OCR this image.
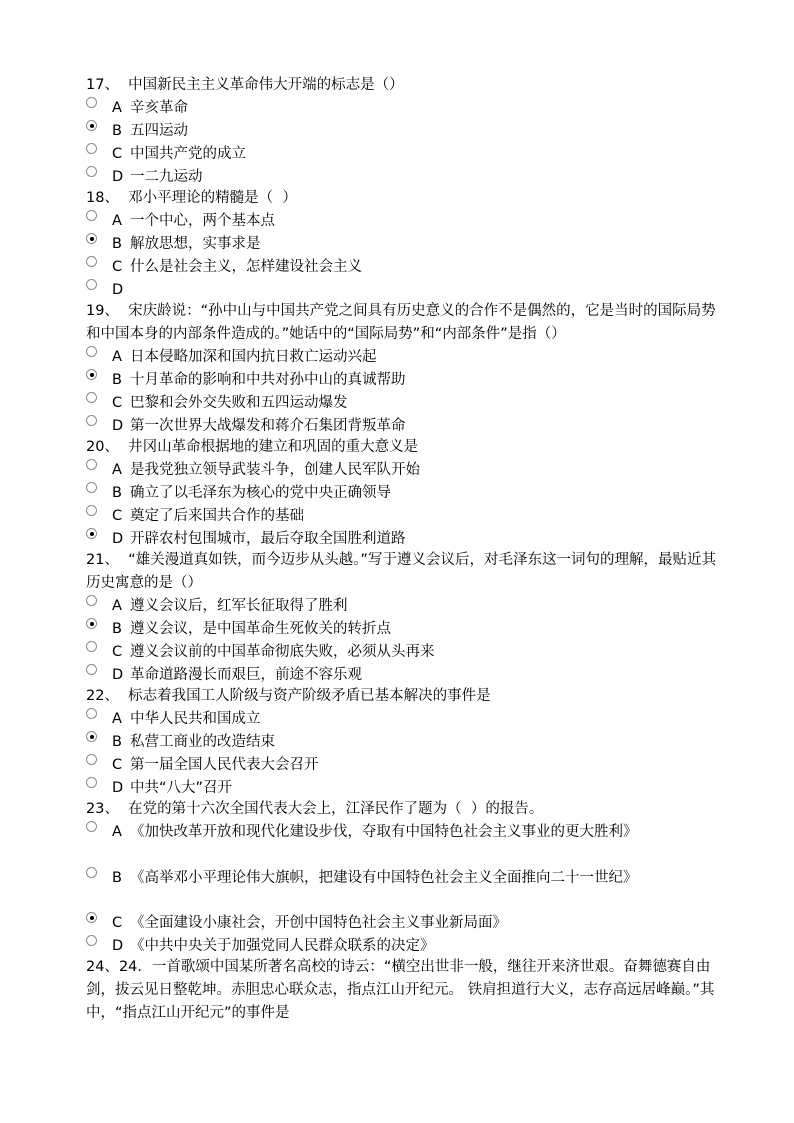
17、  中国新民主主义革命伟大开端的标志是（）
A 辛亥革命
B 五四运动
C 中国共产党的成立
D 一二九运动
18、  邓小平理论的精髓是（  ）
A 一个中心，两个基本点
B 解放思想，实事求是
C 什么是社会主义，怎样建设社会主义
D
19、  宋庆龄说：“孙中山与中国共产党之间具有历史意义的合作不是偶然的，它是当时的国际局势和中国本身的内部条件造成的。”她话中的“国际局势”和“内部条件”是指（）
A 日本侵略加深和国内抗日救亡运动兴起
B 十月革命的影响和中共对孙中山的真诚帮助
C 巴黎和会外交失败和五四运动爆发
D 第一次世界大战爆发和蒋介石集团背叛革命
20、  井冈山革命根据地的建立和巩固的重大意义是
A 是我党独立领导武装斗争，创建人民军队开始
B 确立了以毛泽东为核心的党中央正确领导
C 奠定了后来国共合作的基础
D 开辟农村包围城市，最后夺取全国胜利道路
21、  “雄关漫道真如铁，而今迈步从头越。”写于遵义会议后，对毛泽东这一词句的理解，最贴近其历史寓意的是（）
A 遵义会议后，红军长征取得了胜利
B 遵义会议，是中国革命生死攸关的转折点
C 遵义会议前的中国革命彻底失败，必须从头再来
D 革命道路漫长而艰巨，前途不容乐观
22、  标志着我国工人阶级与资产阶级矛盾已基本解决的事件是
A 中华人民共和国成立
B 私营工商业的改造结束
C 第一届全国人民代表大会召开
D 中共“八大”召开
23、  在党的第十六次全国代表大会上，江泽民作了题为（  ）的报告。
A 《加快改革开放和现代化建设步伐，夺取有中国特色社会主义事业的更大胜利》
B 《高举邓小平理论伟大旗帜，把建设有中国特色社会主义全面推向二十一世纪》
C 《全面建设小康社会，开创中国特色社会主义事业新局面》
D 《中共中央关于加强党同人民群众联系的决定》
24、24．一首歌颂中国某所著名高校的诗云：“横空出世非一般，继往开来济世艰。奋舞德赛自由剑，拔云见日整乾坤。赤胆忠心联众志，指点江山开纪元。 铁肩担道行大义，志存高远居峰巅。”其中，“指点江山开纪元”的事件是
